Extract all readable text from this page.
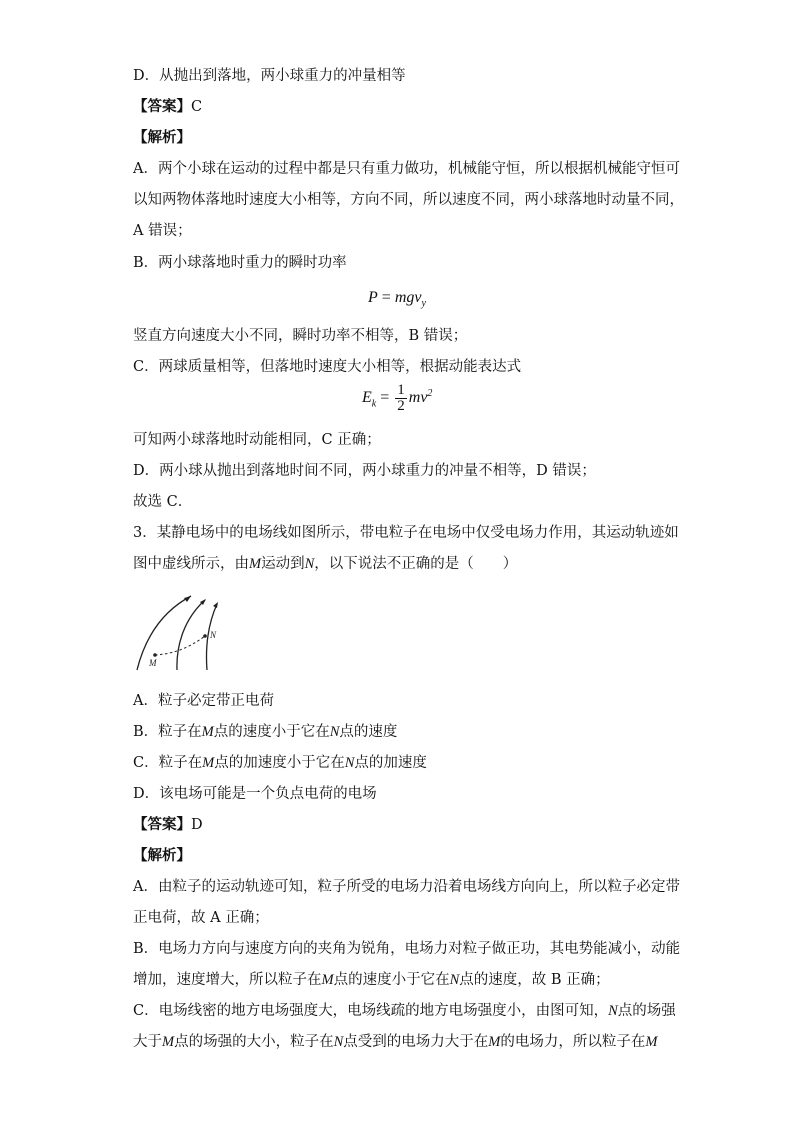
D．从抛出到落地，两小球重力的冲量相等
【答案】C
【解析】
A．两个小球在运动的过程中都是只有重力做功，机械能守恒，所以根据机械能守恒可
以知两物体落地时速度大小相等，方向不同，所以速度不同，两小球落地时动量不同，
A 错误；
B．两小球落地时重力的瞬时功率
P = mgv$_y$
竖直方向速度大小不同，瞬时功率不相等，B 错误；
C．两球质量相等，但落地时速度大小相等，根据动能表达式
$E_k = \frac{1}{2} mv^2$
可知两小球落地时动能相同，C 正确；
D．两小球从抛出到落地时间不同，两小球重力的冲量不相等，D 错误；
故选 C．
3．某静电场中的电场线如图所示，带电粒子在电场中仅受电场力作用，其运动轨迹如
图中虚线所示，由M运动到N，以下说法不正确的是（　　）
M
N
A．粒子必定带正电荷
B．粒子在M点的速度小于它在N点的速度
C．粒子在M点的加速度小于它在N点的加速度
D．该电场可能是一个负点电荷的电场
【答案】D
【解析】
A．由粒子的运动轨迹可知，粒子所受的电场力沿着电场线方向向上，所以粒子必定带
正电荷，故 A 正确；
B．电场力方向与速度方向的夹角为锐角，电场力对粒子做正功，其电势能减小，动能
增加，速度增大，所以粒子在M点的速度小于它在N点的速度，故 B 正确；
C．电场线密的地方电场强度大，电场线疏的地方电场强度小，由图可知，N点的场强
大于M点的场强的大小，粒子在N点受到的电场力大于在M的电场力，所以粒子在M
